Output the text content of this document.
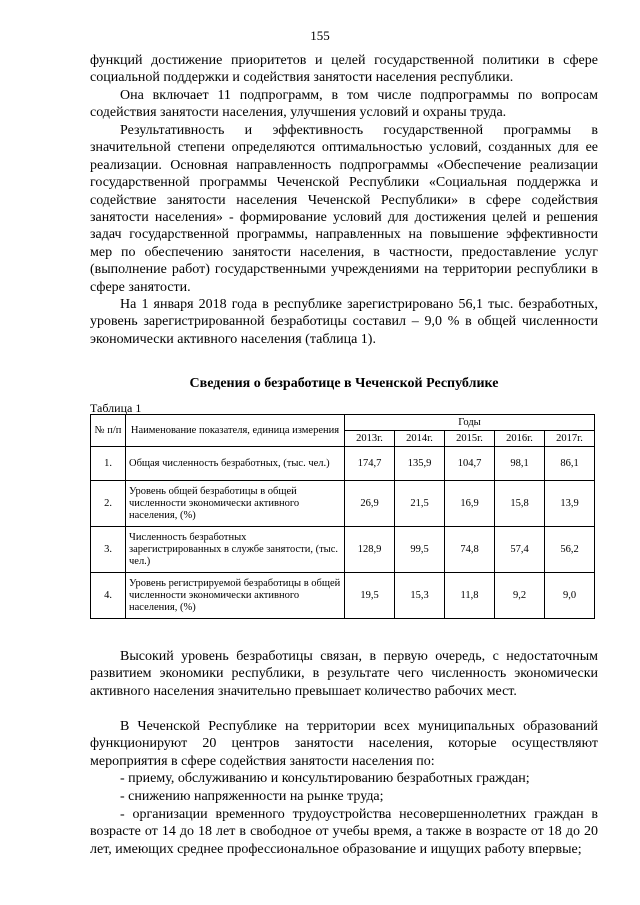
155

функций достижение приоритетов и целей государственной политики в сфере социальной поддержки и содействия занятости населения республики.

Она включает 11 подпрограмм, в том числе подпрограммы по вопросам содействия занятости населения, улучшения условий и охраны труда.

Результативность и эффективность государственной программы в значительной степени определяются оптимальностью условий, созданных для ее реализации. Основная направленность подпрограммы «Обеспечение реализации государственной программы Чеченской Республики «Социальная поддержка и содействие занятости населения Чеченской Республики» в сфере содействия занятости населения» - формирование условий для достижения целей и решения задач государственной программы, направленных на повышение эффективности мер по обеспечению занятости населения, в частности, предоставление услуг (выполнение работ) государственными учреждениями на территории республики в сфере занятости.

На 1 января 2018 года в республике зарегистрировано 56,1 тыс. безработных, уровень зарегистрированной безработицы составил – 9,0 % в общей численности экономически активного населения (таблица 1).

Сведения о безработице в Чеченской Республике
Таблица 1
№ п/п	Наименование показателя, единица измерения	Годы				
		2013г.	2014г.	2015г.	2016г.	2017г.
1.	Общая численность безработных, (тыс. чел.)	174,7	135,9	104,7	98,1	86,1
2.	Уровень общей безработицы в общей численности экономически активного населения, (%)	26,9	21,5	16,9	15,8	13,9
3.	Численность безработных зарегистрированных в службе занятости, (тыс. чел.)	128,9	99,5	74,8	57,4	56,2
4.	Уровень регистрируемой безработицы в общей численности экономически активного населения, (%)	19,5	15,3	11,8	9,2	9,0

Высокий уровень безработицы связан, в первую очередь, с недостаточным развитием экономики республики, в результате чего численность экономически активного населения значительно превышает количество рабочих мест.

В Чеченской Республике на территории всех муниципальных образований функционируют 20 центров занятости населения, которые осуществляют мероприятия в сфере содействия занятости населения по:

- приему, обслуживанию и консультированию безработных граждан;

- снижению напряженности на рынке труда;

- организации временного трудоустройства несовершеннолетних граждан в возрасте от 14 до 18 лет в свободное от учебы время, а также в возрасте от 18 до 20 лет, имеющих среднее профессиональное образование и ищущих работу впервые;
